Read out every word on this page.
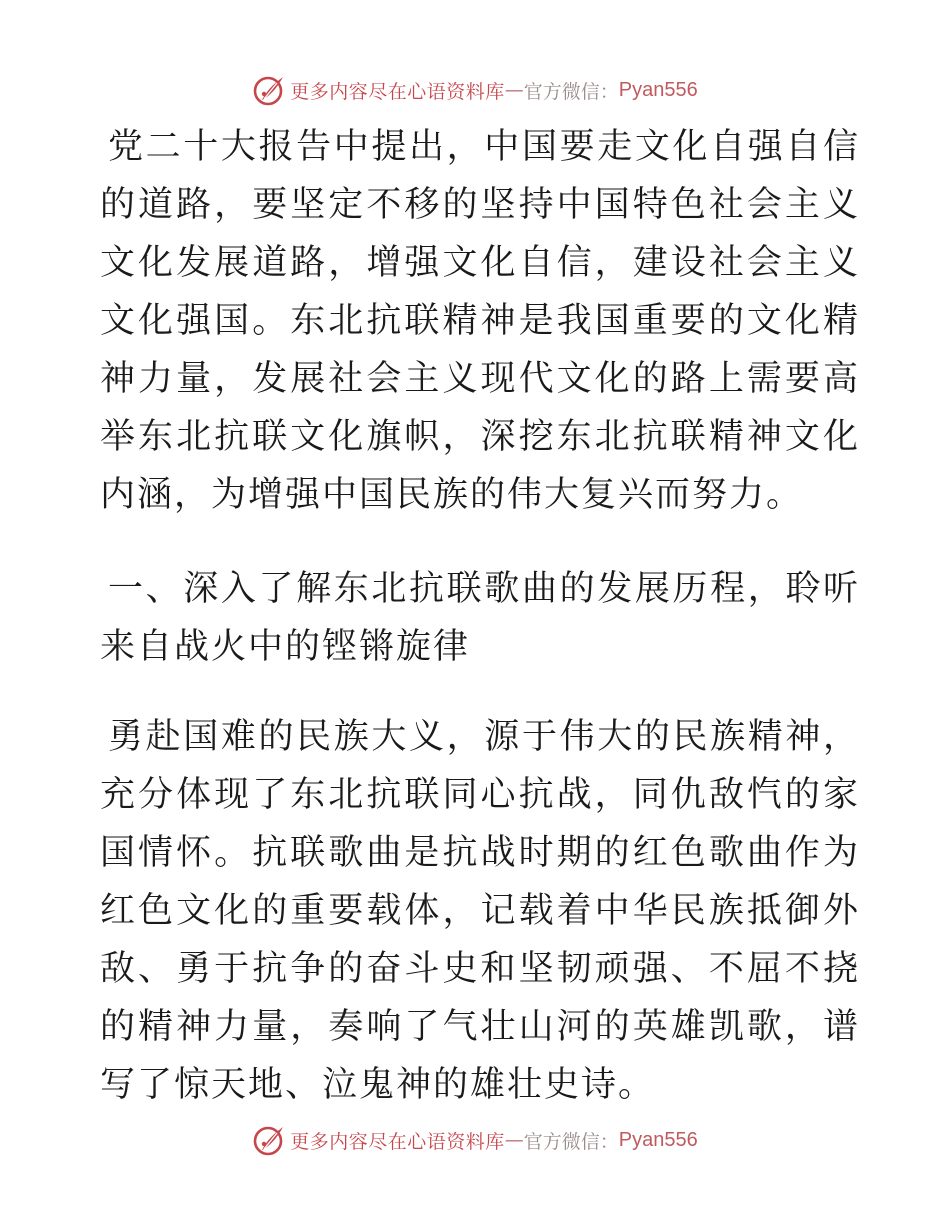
更多内容尽在心语资料库 — 官方微信： Pyan556

党二十大报告中提出，中国要走文化自强自信的道路，要坚定不移的坚持中国特色社会主义文化发展道路，增强文化自信，建设社会主义文化强国。东北抗联精神是我国重要的文化精神力量，发展社会主义现代文化的路上需要高举东北抗联文化旗帜，深挖东北抗联精神文化内涵，为增强中国民族的伟大复兴而努力。

一、深入了解东北抗联歌曲的发展历程，聆听来自战火中的铿锵旋律

勇赴国难的民族大义，源于伟大的民族精神，充分体现了东北抗联同心抗战，同仇敌忾的家国情怀。抗联歌曲是抗战时期的红色歌曲作为红色文化的重要载体，记载着中华民族抵御外敌、勇于抗争的奋斗史和坚韧顽强、不屈不挠的精神力量，奏响了气壮山河的英雄凯歌，谱写了惊天地、泣鬼神的雄壮史诗。

更多内容尽在心语资料库 — 官方微信： Pyan556
